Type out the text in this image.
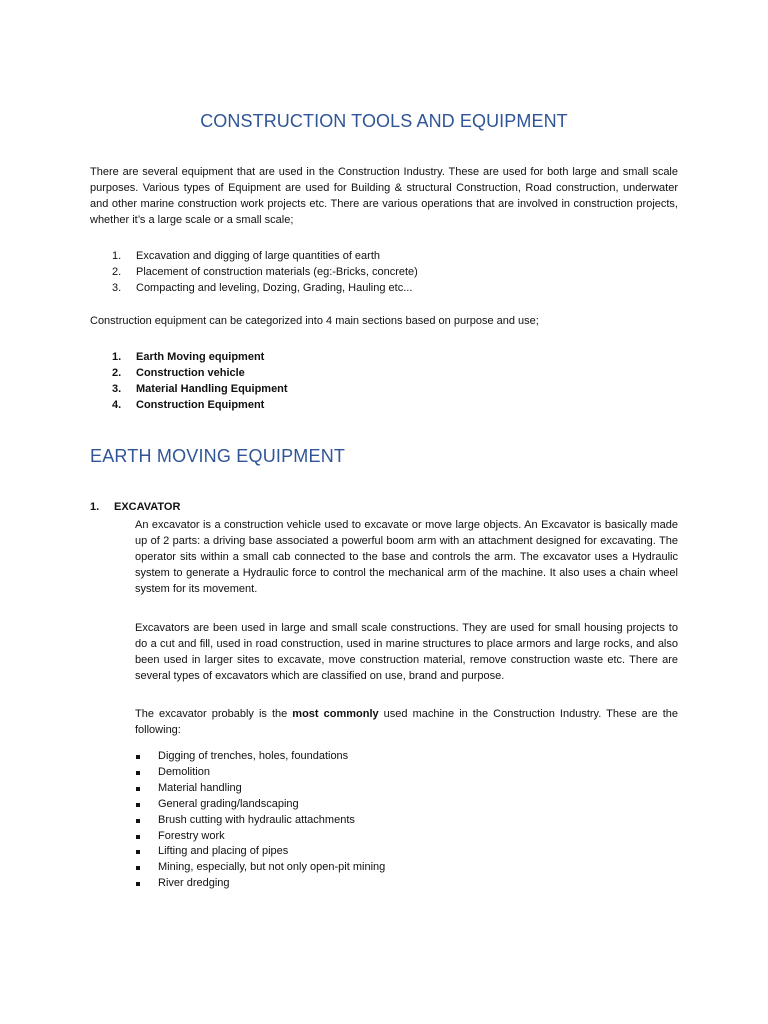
CONSTRUCTION TOOLS AND EQUIPMENT

There are several equipment that are used in the Construction Industry. These are used for both large and small scale purposes. Various types of Equipment are used for Building & structural Construction, Road construction, underwater and other marine construction work projects etc. There are various operations that are involved in construction projects, whether it’s a large scale or a small scale;

1. Excavation and digging of large quantities of earth
2. Placement of construction materials (eg:-Bricks, concrete)
3. Compacting and leveling, Dozing, Grading, Hauling etc...

Construction equipment can be categorized into 4 main sections based on purpose and use;

1. Earth Moving equipment
2. Construction vehicle
3. Material Handling Equipment
4. Construction Equipment
EARTH MOVING EQUIPMENT
1. EXCAVATOR

An excavator is a construction vehicle used to excavate or move large objects. An Excavator is basically made up of 2 parts: a driving base associated a powerful boom arm with an attachment designed for excavating. The operator sits within a small cab connected to the base and controls the arm. The excavator uses a Hydraulic system to generate a Hydraulic force to control the mechanical arm of the machine. It also uses a chain wheel system for its movement.

Excavators are been used in large and small scale constructions. They are used for small housing projects to do a cut and fill, used in road construction, used in marine structures to place armors and large rocks, and also been used in larger sites to excavate, move construction material, remove construction waste etc. There are several types of excavators which are classified on use, brand and purpose.

The excavator probably is the most commonly used machine in the Construction Industry. These are the following:

Digging of trenches, holes, foundations
Demolition
Material handling
General grading/landscaping
Brush cutting with hydraulic attachments
Forestry work
Lifting and placing of pipes
Mining, especially, but not only open-pit mining
River dredging
